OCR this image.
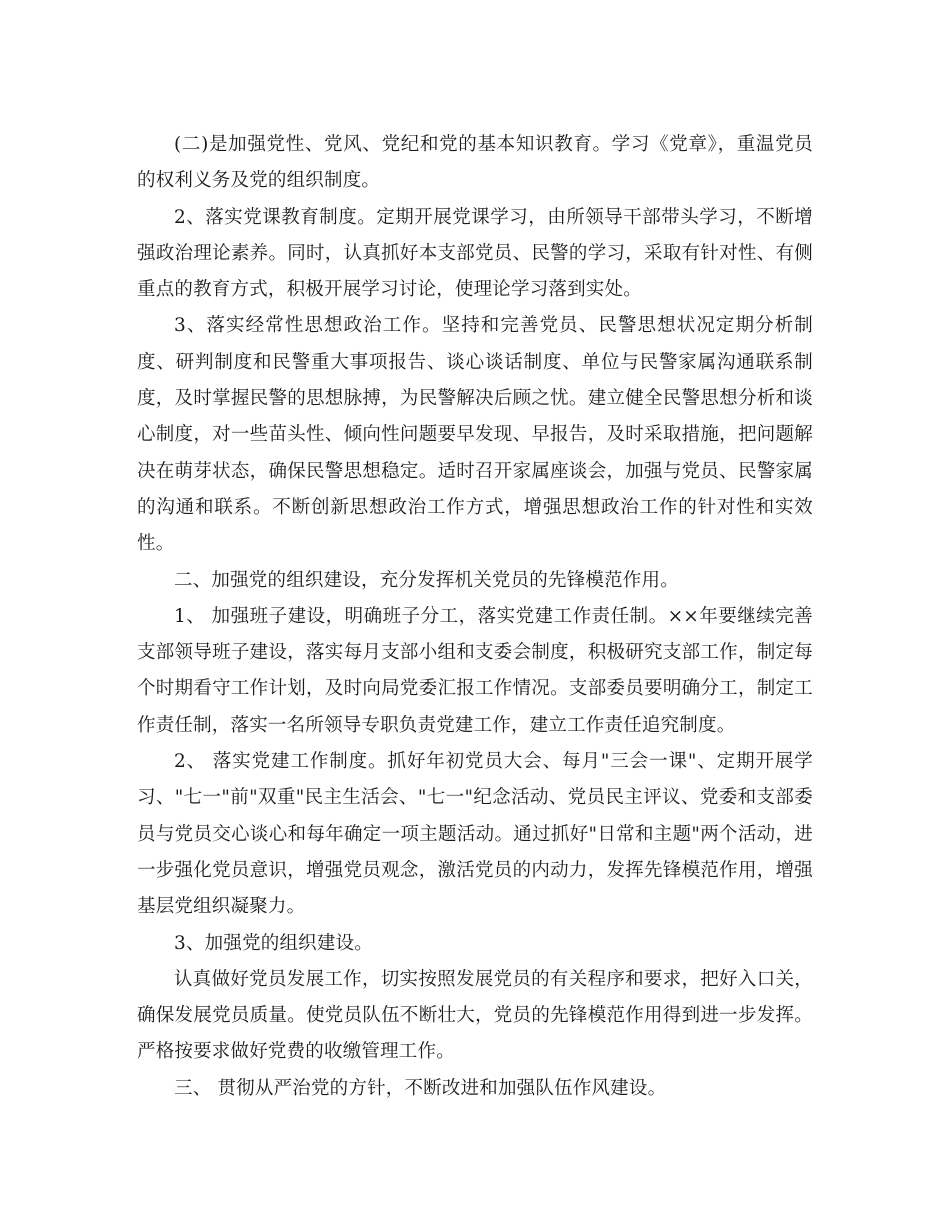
(二)是加强党性、党风、党纪和党的基本知识教育。学习《党章》，重温党员的权利义务及党的组织制度。

2、落实党课教育制度。定期开展党课学习，由所领导干部带头学习，不断增强政治理论素养。同时，认真抓好本支部党员、民警的学习，采取有针对性、有侧重点的教育方式，积极开展学习讨论，使理论学习落到实处。

3、落实经常性思想政治工作。坚持和完善党员、民警思想状况定期分析制度、研判制度和民警重大事项报告、谈心谈话制度、单位与民警家属沟通联系制度，及时掌握民警的思想脉搏，为民警解决后顾之忧。建立健全民警思想分析和谈心制度，对一些苗头性、倾向性问题要早发现、早报告，及时采取措施，把问题解决在萌芽状态，确保民警思想稳定。适时召开家属座谈会，加强与党员、民警家属的沟通和联系。不断创新思想政治工作方式，增强思想政治工作的针对性和实效性。

二、加强党的组织建设，充分发挥机关党员的先锋模范作用。

1、 加强班子建设，明确班子分工，落实党建工作责任制。××年要继续完善支部领导班子建设，落实每月支部小组和支委会制度，积极研究支部工作，制定每个时期看守工作计划，及时向局党委汇报工作情况。支部委员要明确分工，制定工作责任制，落实一名所领导专职负责党建工作，建立工作责任追究制度。

2、 落实党建工作制度。抓好年初党员大会、每月"三会一课"、定期开展学习、"七一"前"双重"民主生活会、"七一"纪念活动、党员民主评议、党委和支部委员与党员交心谈心和每年确定一项主题活动。通过抓好"日常和主题"两个活动，进一步强化党员意识，增强党员观念，激活党员的内动力，发挥先锋模范作用，增强基层党组织凝聚力。

3、加强党的组织建设。

认真做好党员发展工作，切实按照发展党员的有关程序和要求，把好入口关，确保发展党员质量。使党员队伍不断壮大，党员的先锋模范作用得到进一步发挥。严格按要求做好党费的收缴管理工作。

三、 贯彻从严治党的方针，不断改进和加强队伍作风建设。
